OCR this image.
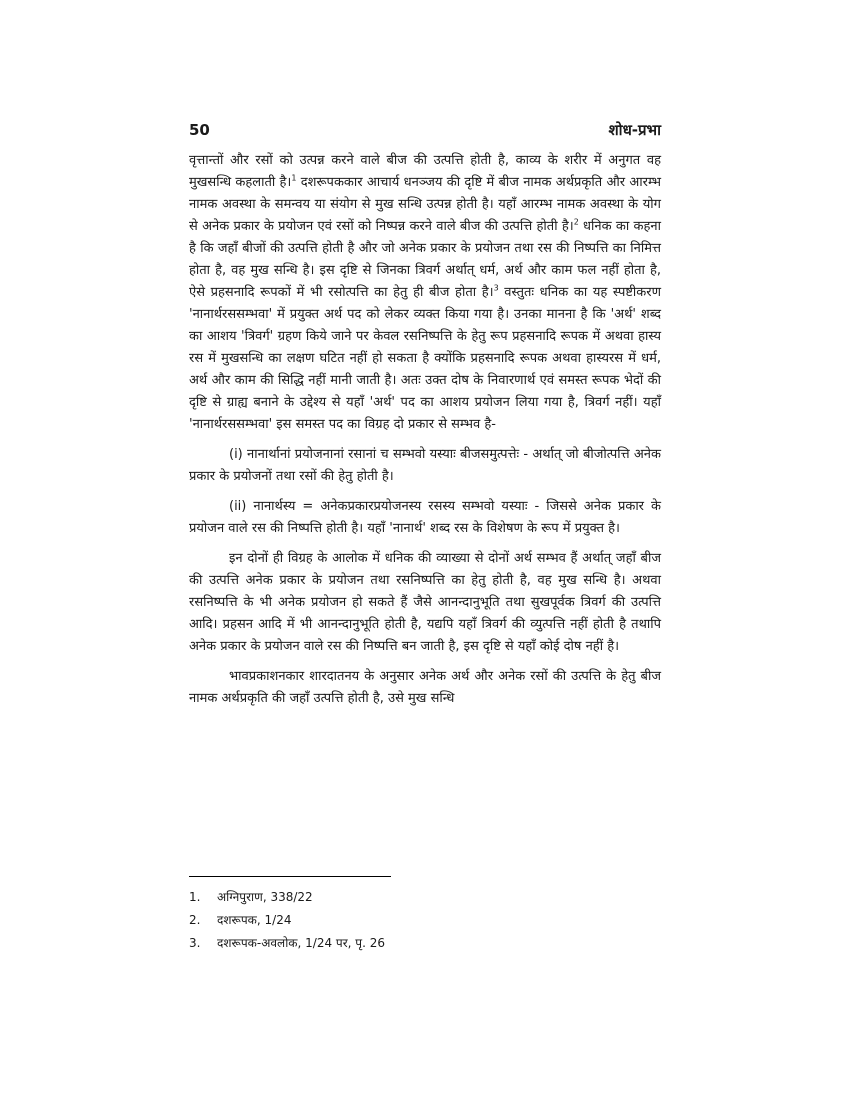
50	शोध-प्रभा

वृत्तान्तों और रसों को उत्पन्न करने वाले बीज की उत्पत्ति होती है, काव्य के शरीर में अनुगत वह मुखसन्धि कहलाती है।$^1$ दशरूपककार आचार्य धनञ्जय की दृष्टि में बीज नामक अर्थप्रकृति और आरम्भ नामक अवस्था के समन्वय या संयोग से मुख सन्धि उत्पन्न होती है। यहाँ आरम्भ नामक अवस्था के योग से अनेक प्रकार के प्रयोजन एवं रसों को निष्पन्न करने वाले बीज की उत्पत्ति होती है।$^2$ धनिक का कहना है कि जहाँ बीजों की उत्पत्ति होती है और जो अनेक प्रकार के प्रयोजन तथा रस की निष्पत्ति का निमित्त होता है, वह मुख सन्धि है। इस दृष्टि से जिनका त्रिवर्ग अर्थात् धर्म, अर्थ और काम फल नहीं होता है, ऐसे प्रहसनादि रूपकों में भी रसोत्पत्ति का हेतु ही बीज होता है।$^3$ वस्तुतः धनिक का यह स्पष्टीकरण 'नानार्थरससम्भवा' में प्रयुक्त अर्थ पद को लेकर व्यक्त किया गया है। उनका मानना है कि 'अर्थ' शब्द का आशय 'त्रिवर्ग' ग्रहण किये जाने पर केवल रसनिष्पत्ति के हेतु रूप प्रहसनादि रूपक में अथवा हास्य रस में मुखसन्धि का लक्षण घटित नहीं हो सकता है क्योंकि प्रहसनादि रूपक अथवा हास्यरस में धर्म, अर्थ और काम की सिद्धि नहीं मानी जाती है। अतः उक्त दोष के निवारणार्थ एवं समस्त रूपक भेदों की दृष्टि से ग्राह्य बनाने के उद्देश्य से यहाँ 'अर्थ' पद का आशय प्रयोजन लिया गया है, त्रिवर्ग नहीं। यहाँ 'नानार्थरससम्भवा' इस समस्त पद का विग्रह दो प्रकार से सम्भव है-

(i) नानार्थानां प्रयोजनानां रसानां च सम्भवो यस्याः बीजसमुत्पत्तेः - अर्थात् जो बीजोत्पत्ति अनेक प्रकार के प्रयोजनों तथा रसों की हेतु होती है।

(ii) नानार्थस्य = अनेकप्रकारप्रयोजनस्य रसस्य सम्भवो यस्याः - जिससे अनेक प्रकार के प्रयोजन वाले रस की निष्पत्ति होती है। यहाँ 'नानार्थ' शब्द रस के विशेषण के रूप में प्रयुक्त है।

इन दोनों ही विग्रह के आलोक में धनिक की व्याख्या से दोनों अर्थ सम्भव हैं अर्थात् जहाँ बीज की उत्पत्ति अनेक प्रकार के प्रयोजन तथा रसनिष्पत्ति का हेतु होती है, वह मुख सन्धि है। अथवा रसनिष्पत्ति के भी अनेक प्रयोजन हो सकते हैं जैसे आनन्दानुभूति तथा सुखपूर्वक त्रिवर्ग की उत्पत्ति आदि। प्रहसन आदि में भी आनन्दानुभूति होती है, यद्यपि यहाँ त्रिवर्ग की व्युत्पत्ति नहीं होती है तथापि अनेक प्रकार के प्रयोजन वाले रस की निष्पत्ति बन जाती है, इस दृष्टि से यहाँ कोई दोष नहीं है।

भावप्रकाशनकार शारदातनय के अनुसार अनेक अर्थ और अनेक रसों की उत्पत्ति के हेतु बीज नामक अर्थप्रकृति की जहाँ उत्पत्ति होती है, उसे मुख सन्धि

1.	अग्निपुराण, 338/22
2.	दशरूपक, 1/24
3.	दशरूपक-अवलोक, 1/24 पर, पृ. 26
